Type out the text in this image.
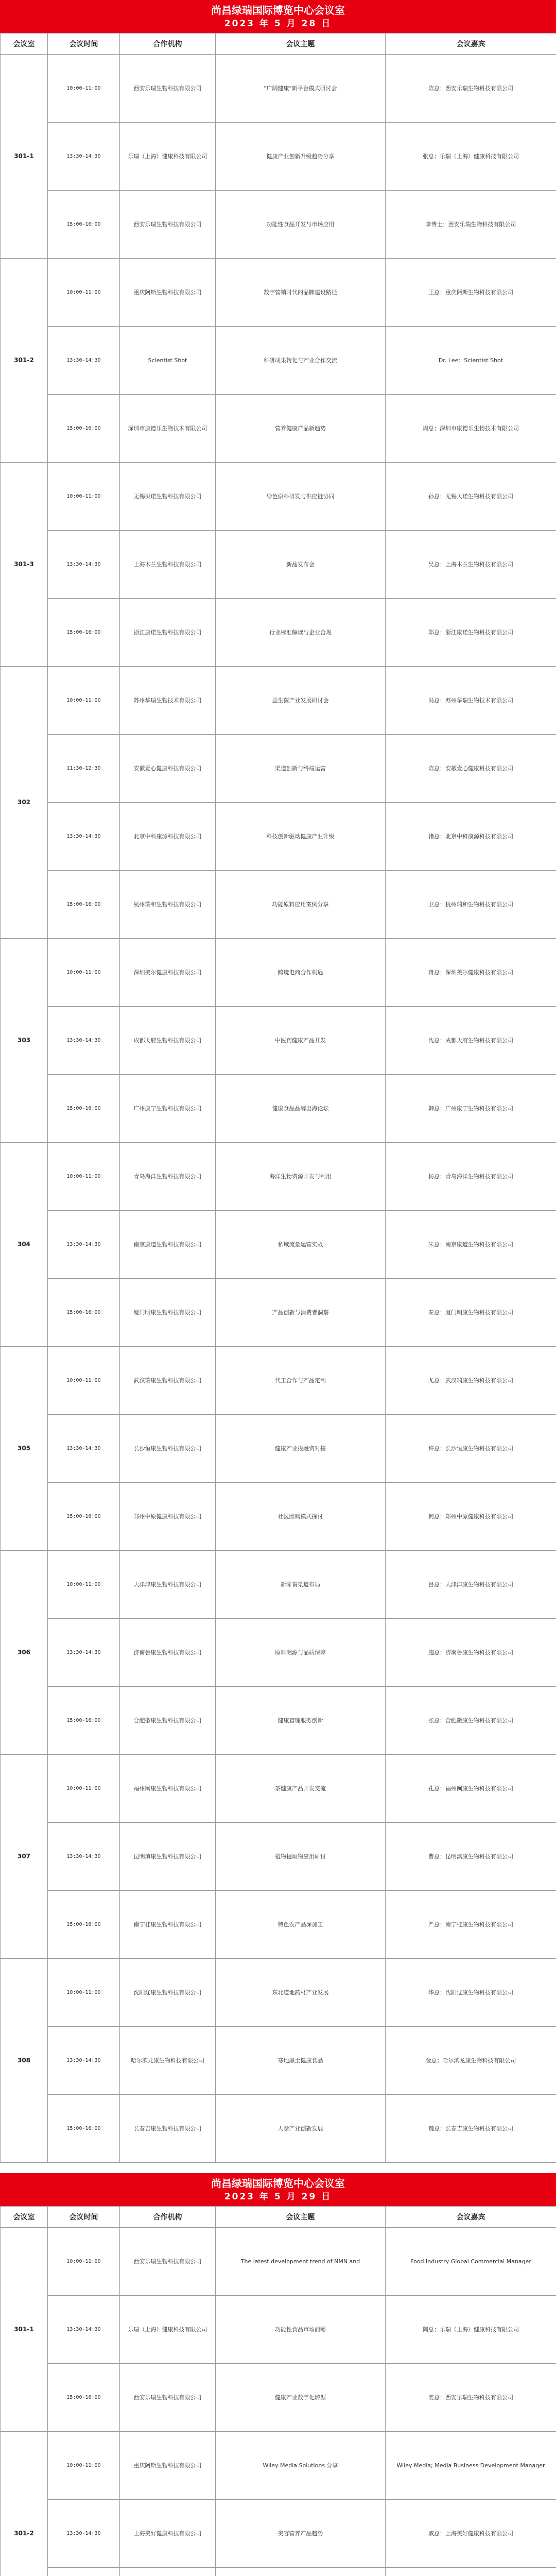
尚昌绿瑞国际博览中心会议室
2023 年 5 月 28 日
会议室	会议时间	合作机构	会议主题	会议嘉宾
301-1	10:00-11:00	西安乐瑞生物科技有限公司	"广阔健康"新平台模式研讨会	陈总；西安乐瑞生物科技有限公司
	13:30-14:30	乐瑞（上海）健康科技有限公司	健康产业创新升级趋势分享	张总；乐瑞（上海）健康科技有限公司
	15:00-16:00	西安乐瑞生物科技有限公司	功能性食品开发与市场应用	李博士；西安乐瑞生物科技有限公司
301-2	10:00-11:00	重庆阿斯生物科技有限公司	数字营销时代的品牌建设路径	王总；重庆阿斯生物科技有限公司
	13:30-14:30	Scientist Shot	科研成果转化与产业合作交流	Dr. Lee；Scientist Shot
	15:00-16:00	深圳市康德乐生物技术有限公司	营养健康产品新趋势	周总；深圳市康德乐生物技术有限公司
301-3	10:00-11:00	无锡贝诺生物科技有限公司	绿色原料研发与供应链协同	孙总；无锡贝诺生物科技有限公司
	13:30-14:30	上海木兰生物科技有限公司	新品发布会	吴总；上海木兰生物科技有限公司
	15:00-16:00	浙江康诺生物科技有限公司	行业标准解读与企业合规	郑总；浙江康诺生物科技有限公司
302	10:00-11:00	苏州华瑞生物技术有限公司	益生菌产业发展研讨会	冯总；苏州华瑞生物技术有限公司
	11:30-12:30	安徽壹心健康科技有限公司	渠道创新与终端运营	陈总；安徽壹心健康科技有限公司
	13:30-14:30	北京中科康源科技有限公司	科技创新驱动健康产业升级	褚总；北京中科康源科技有限公司
	15:00-16:00	杭州瑞和生物科技有限公司	功能原料应用案例分享	卫总；杭州瑞和生物科技有限公司
303	10:00-11:00	深圳美尔健康科技有限公司	跨境电商合作机遇	蒋总；深圳美尔健康科技有限公司
	13:30-14:30	成都天府生物科技有限公司	中医药健康产品开发	沈总；成都天府生物科技有限公司
	15:00-16:00	广州康宁生物科技有限公司	健康食品品牌出海论坛	韩总；广州康宁生物科技有限公司
304	10:00-11:00	青岛海洋生物科技有限公司	海洋生物资源开发与利用	杨总；青岛海洋生物科技有限公司
	13:30-14:30	南京康道生物科技有限公司	私域流量运营实战	朱总；南京康道生物科技有限公司
	15:00-16:00	厦门明康生物科技有限公司	产品创新与消费者洞察	秦总；厦门明康生物科技有限公司
305	10:00-11:00	武汉瑞康生物科技有限公司	代工合作与产品定制	尤总；武汉瑞康生物科技有限公司
	13:30-14:30	长沙恒康生物科技有限公司	健康产业投融资对接	许总；长沙恒康生物科技有限公司
	15:00-16:00	郑州中原健康科技有限公司	社区团购模式探讨	何总；郑州中原健康科技有限公司
306	10:00-11:00	天津津康生物科技有限公司	新零售渠道布局	吕总；天津津康生物科技有限公司
	13:30-14:30	济南鲁康生物科技有限公司	原料溯源与品质保障	施总；济南鲁康生物科技有限公司
	15:00-16:00	合肥徽康生物科技有限公司	健康管理服务创新	张总；合肥徽康生物科技有限公司
307	10:00-11:00	福州闽康生物科技有限公司	茶健康产品开发交流	孔总；福州闽康生物科技有限公司
	13:30-14:30	昆明滇康生物科技有限公司	植物提取物应用研讨	曹总；昆明滇康生物科技有限公司
	15:00-16:00	南宁桂康生物科技有限公司	特色农产品深加工	严总；南宁桂康生物科技有限公司
308	10:00-11:00	沈阳辽康生物科技有限公司	东北道地药材产业发展	华总；沈阳辽康生物科技有限公司
	13:30-14:30	哈尔滨龙康生物科技有限公司	寒地黑土健康食品	金总；哈尔滨龙康生物科技有限公司
	15:00-16:00	长春吉康生物科技有限公司	人参产业创新发展	魏总；长春吉康生物科技有限公司
尚昌绿瑞国际博览中心会议室
2023 年 5 月 29 日
会议室	会议时间	合作机构	会议主题	会议嘉宾
301-1	10:00-11:00	西安乐瑞生物科技有限公司	The latest development trend of NMN and	Food Industry Global Commercial Manager
	13:30-14:30	乐瑞（上海）健康科技有限公司	功能性食品市场前瞻	陶总；乐瑞（上海）健康科技有限公司
	15:00-16:00	西安乐瑞生物科技有限公司	健康产业数字化转型	姜总；西安乐瑞生物科技有限公司
301-2	10:00-11:00	重庆阿斯生物科技有限公司	Wiley Media Solutions 分享	Wiley Media; Media Business Development Manager
	13:30-14:30	上海美好健康科技有限公司	美容营养产品趋势	戚总；上海美好健康科技有限公司
